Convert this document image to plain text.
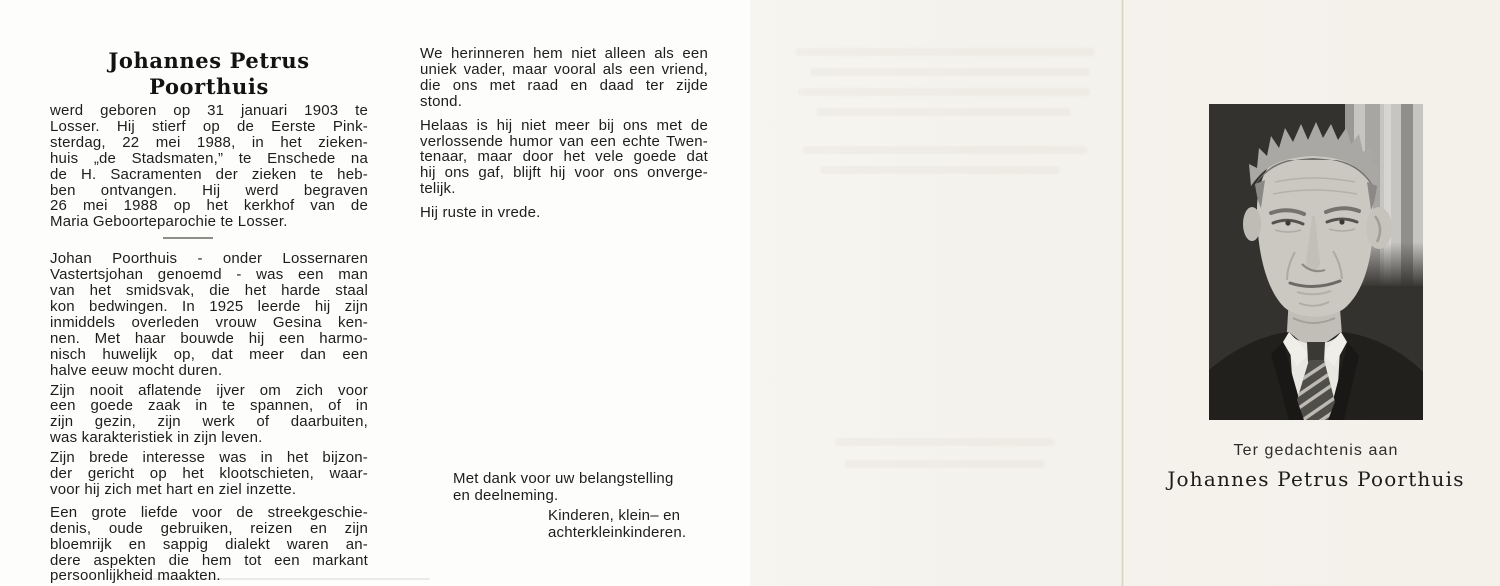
Johannes Petrus Poorthuis
werd geboren op 31 januari 1903 te
Losser. Hij stierf op de Eerste Pink-
sterdag, 22 mei 1988, in het zieken-
huis „de Stadsmaten,” te Enschede na
de H. Sacramenten der zieken te heb-
ben ontvangen. Hij werd begraven
26 mei 1988 op het kerkhof van de
Maria Geboorteparochie te Losser.
Johan Poorthuis - onder Lossernaren
Vastertsjohan genoemd - was een man
van het smidsvak, die het harde staal
kon bedwingen. In 1925 leerde hij zijn
inmiddels overleden vrouw Gesina ken-
nen. Met haar bouwde hij een harmo-
nisch huwelijk op, dat meer dan een
halve eeuw mocht duren.
Zijn nooit aflatende ijver om zich voor
een goede zaak in te spannen, of in
zijn gezin, zijn werk of daarbuiten,
was karakteristiek in zijn leven.
Zijn brede interesse was in het bijzon-
der gericht op het klootschieten, waar-
voor hij zich met hart en ziel inzette.
Een grote liefde voor de streekgeschie-
denis, oude gebruiken, reizen en zijn
bloemrijk en sappig dialekt waren an-
dere aspekten die hem tot een markant
persoonlijkheid maakten.
We herinneren hem niet alleen als een
uniek vader, maar vooral als een vriend,
die ons met raad en daad ter zijde
stond.
Helaas is hij niet meer bij ons met de
verlossende humor van een echte Twen-
tenaar, maar door het vele goede dat
hij ons gaf, blijft hij voor ons onverge-
telijk.
Hij ruste in vrede.
Met dank voor uw belangstelling
en deelneming.
Kinderen, klein– en
achterkleinkinderen.
Ter gedachtenis aan
Johannes Petrus Poorthuis
